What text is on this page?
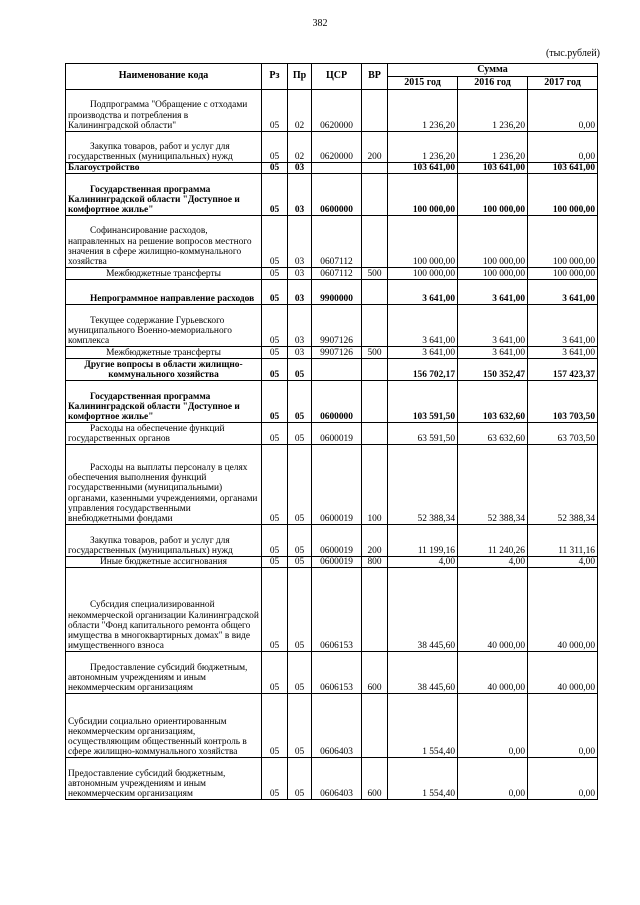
382
(тыс.рублей)
Наименование кода	Рз	Пр	ЦСР	ВР	Сумма		
					2015 год	2016 год	2017 год

Подпрограмма "Обращение с отходами производства и потребления в Калининградской области"	05	02	0620000		1 236,20	1 236,20	0,00

Закупка товаров, работ и услуг для государственных (муниципальных) нужд	05	02	0620000	200	1 236,20	1 236,20	0,00

Благоустройство	05	03			103 641,00	103 641,00	103 641,00

Государственная программа Калининградской области "Доступное и комфортное жилье"	05	03	0600000		100 000,00	100 000,00	100 000,00

Софинансирование расходов, направленных на решение вопросов местного значения в сфере жилищно-коммунального хозяйства	05	03	0607112		100 000,00	100 000,00	100 000,00

Межбюджетные трансферты	05	03	0607112	500	100 000,00	100 000,00	100 000,00

Непрограммное направление расходов	05	03	9900000		3 641,00	3 641,00	3 641,00

Текущее содержание Гурьевского муниципального Военно-мемориального комплекса	05	03	9907126		3 641,00	3 641,00	3 641,00

Межбюджетные трансферты	05	03	9907126	500	3 641,00	3 641,00	3 641,00

Другие вопросы в области жилищно-коммунального хозяйства	05	05			156 702,17	150 352,47	157 423,37

Государственная программа Калининградской области "Доступное и комфортное жилье"	05	05	0600000		103 591,50	103 632,60	103 703,50

Расходы на обеспечение функций государственных органов	05	05	0600019		63 591,50	63 632,60	63 703,50

Расходы на выплаты персоналу в целях обеспечения выполнения функций государственными (муниципальными) органами, казенными учреждениями, органами управления государственными внебюджетными фондами	05	05	0600019	100	52 388,34	52 388,34	52 388,34

Закупка товаров, работ и услуг для государственных (муниципальных) нужд	05	05	0600019	200	11 199,16	11 240,26	11 311,16

Иные бюджетные ассигнования	05	05	0600019	800	4,00	4,00	4,00

Субсидия специализированной некоммерческой организации Калининградской области "Фонд капитального ремонта общего имущества в многоквартирных домах" в виде имущественного взноса	05	05	0606153		38 445,60	40 000,00	40 000,00

Предоставление субсидий бюджетным, автономным учреждениям и иным некоммерческим организациям	05	05	0606153	600	38 445,60	40 000,00	40 000,00

Субсидии социально ориентированным некоммерческим организациям, осуществляющим общественный контроль в сфере жилищно-коммунального хозяйства	05	05	0606403		1 554,40	0,00	0,00

Предоставление субсидий бюджетным, автономным учреждениям и иным некоммерческим организациям	05	05	0606403	600	1 554,40	0,00	0,00
